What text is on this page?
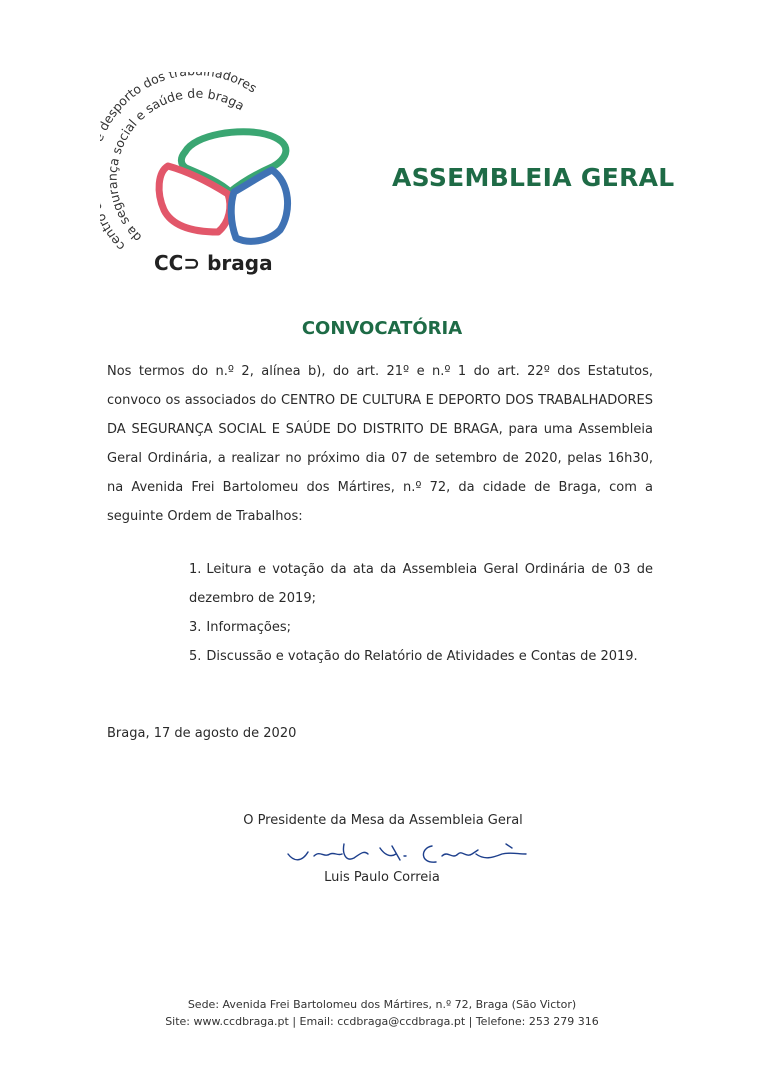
cent esporto dos tr adores
da segurança social e saúde de braga
CC⊃ braga
ASSEMBLEIA GERAL
CONVOCATÓRIA
Nos termos do n.º 2, alínea b), do art. 21º e n.º 1 do art. 22º dos Estatutos, convoco os associados do CENTRO DE CULTURA E DEPORTO DOS TRABALHADORES DA SEGURANÇA SOCIAL E SAÚDE DO DISTRITO DE BRAGA, para uma Assembleia Geral Ordinária, a realizar no próximo dia 07 de setembro de 2020, pelas 16h30, na Avenida Frei Bartolomeu dos Mártires, n.º 72, da cidade de Braga, com a seguinte Ordem de Trabalhos:
1. Leitura e votação da ata da Assembleia Geral Ordinária de 03 de dezembro de 2019;
3. Informações;
5. Discussão e votação do Relatório de Atividades e Contas de 2019.
Braga, 17 de agosto de 2020
O Presidente da Mesa da Assembleia Geral
Luis Paulo Correia
Sede: Avenida Frei Bartolomeu dos Mártires, n.º 72, Braga (São Victor)
Site: www.ccdbraga.pt | Email: ccdbraga@ccdbraga.pt | Telefone: 253 279 316
